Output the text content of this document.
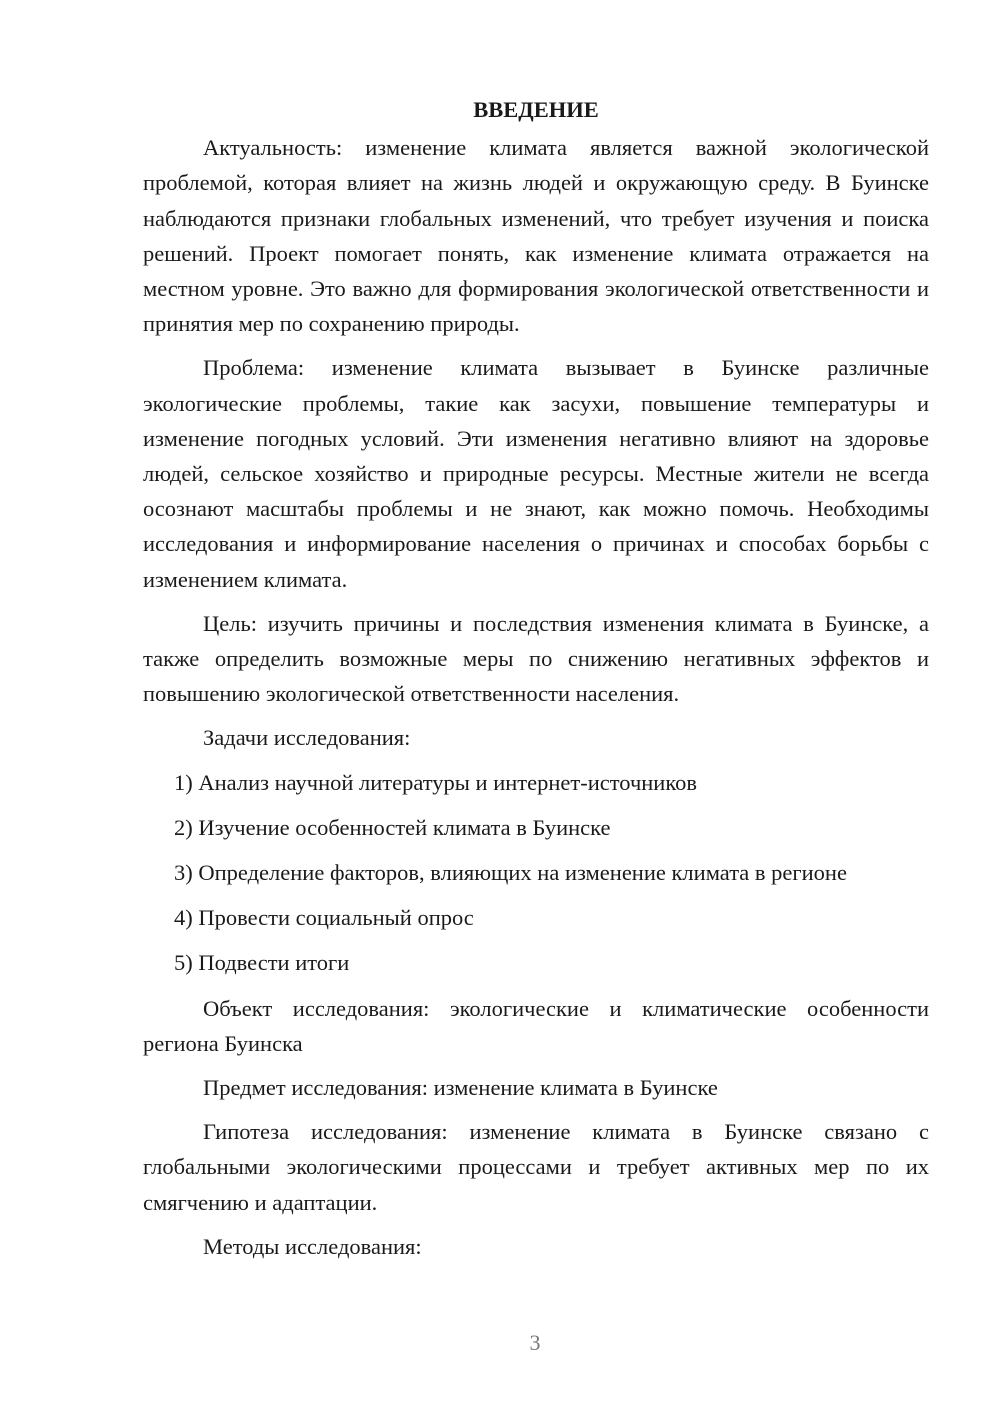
ВВЕДЕНИЕ

Актуальность: изменение климата является важной экологической проблемой, которая влияет на жизнь людей и окружающую среду. В Буинске наблюдаются признаки глобальных изменений, что требует изучения и поиска решений. Проект помогает понять, как изменение климата отражается на местном уровне. Это важно для формирования экологической ответственности и принятия мер по сохранению природы.

Проблема: изменение климата вызывает в Буинске различные экологические проблемы, такие как засухи, повышение температуры и изменение погодных условий. Эти изменения негативно влияют на здоровье людей, сельское хозяйство и природные ресурсы. Местные жители не всегда осознают масштабы проблемы и не знают, как можно помочь. Необходимы исследования и информирование населения о причинах и способах борьбы с изменением климата.

Цель: изучить причины и последствия изменения климата в Буинске, а также определить возможные меры по снижению негативных эффектов и повышению экологической ответственности населения.

Задачи исследования:

1) Анализ научной литературы и интернет-источников
2) Изучение особенностей климата в Буинске
3) Определение факторов, влияющих на изменение климата в регионе
4) Провести социальный опрос
5) Подвести итоги

Объект исследования: экологические и климатические особенности региона Буинска

Предмет исследования: изменение климата в Буинске

Гипотеза исследования: изменение климата в Буинске связано с глобальными экологическими процессами и требует активных мер по их смягчению и адаптации.

Методы исследования:

3
